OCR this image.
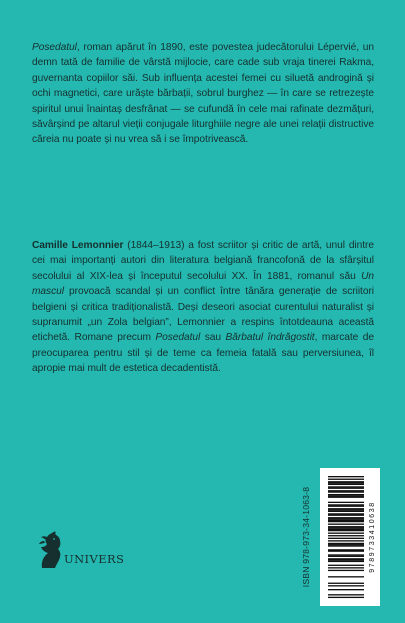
Posedatul, roman apărut în 1890, este povestea judecătorului Lépervié, un demn tată de familie de vârstă mijlocie, care cade sub vraja tinerei Rakma, guvernanta copiilor săi. Sub influența acestei femei cu siluetă androgină și ochi magnetici, care urăște bărbații, sobrul burghez — în care se retrezește spiritul unui înaintaș desfrânat — se cufundă în cele mai rafinate dezmățuri, săvârșind pe altarul vieții conjugale liturghiile negre ale unei relații distructive căreia nu poate și nu vrea să i se împotrivească.

Camille Lemonnier (1844–1913) a fost scriitor și critic de artă, unul dintre cei mai importanți autori din literatura belgiană francofonă de la sfârșitul secolului al XIX-lea și începutul secolului XX. În 1881, romanul său Un mascul provoacă scandal și un conflict între tânăra generație de scriitori belgieni și critica tradiționalistă. Deși deseori asociat curentului naturalist și supranumit „un Zola belgian”, Lemonnier a respins întotdeauna această etichetă. Romane precum Posedatul sau Bărbatul îndrăgostit, marcate de preocuparea pentru stil și de teme ca femeia fatală sau perversiunea, îl apropie mai mult de estetica decadentistă.

UNIVERS	ISBN 978-973-34-1063-8	9789733410638
